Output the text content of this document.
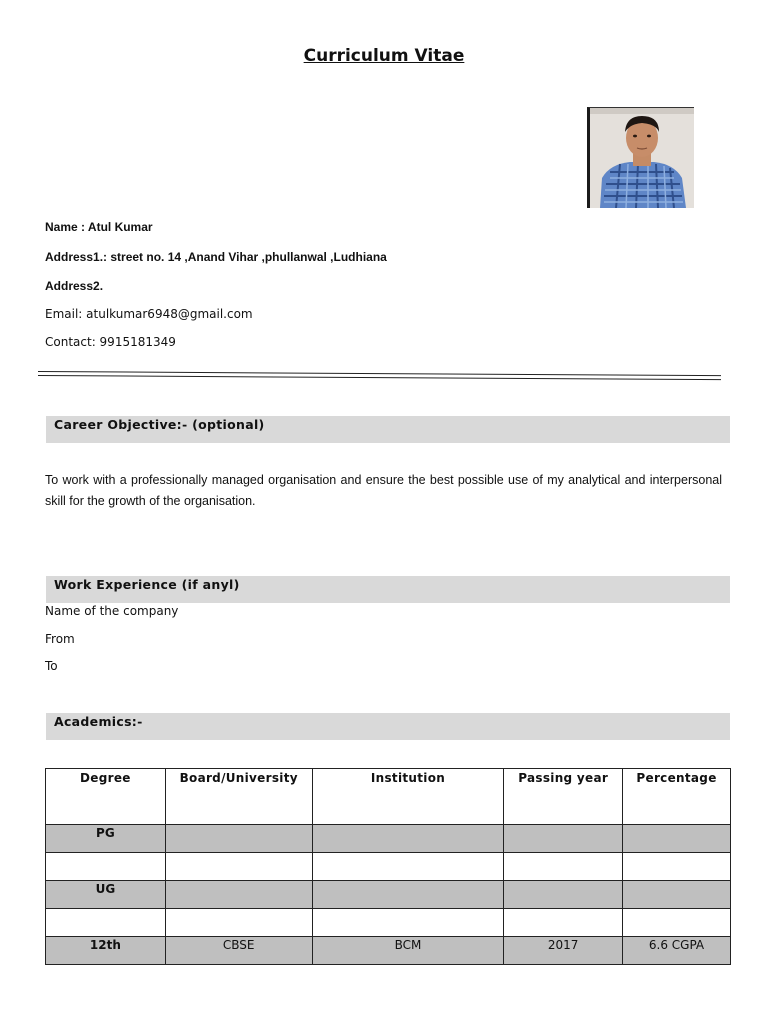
Curriculum Vitae
Name : Atul Kumar
Address1.: street no. 14 ,Anand Vihar ,phullanwal ,Ludhiana
Address2.
Email: atulkumar6948@gmail.com
Contact: 9915181349
Career Objective:- (optional)
To work with a professionally managed organisation and ensure the best possible use of my analytical and interpersonal skill for the growth of the organisation.
Work Experience (if anyl)
Name of the company
From
To
Academics:-
Degree	Board/University	Institution	Passing year	Percentage
PG				

UG				

12th	CBSE	BCM	2017	6.6 CGPA
